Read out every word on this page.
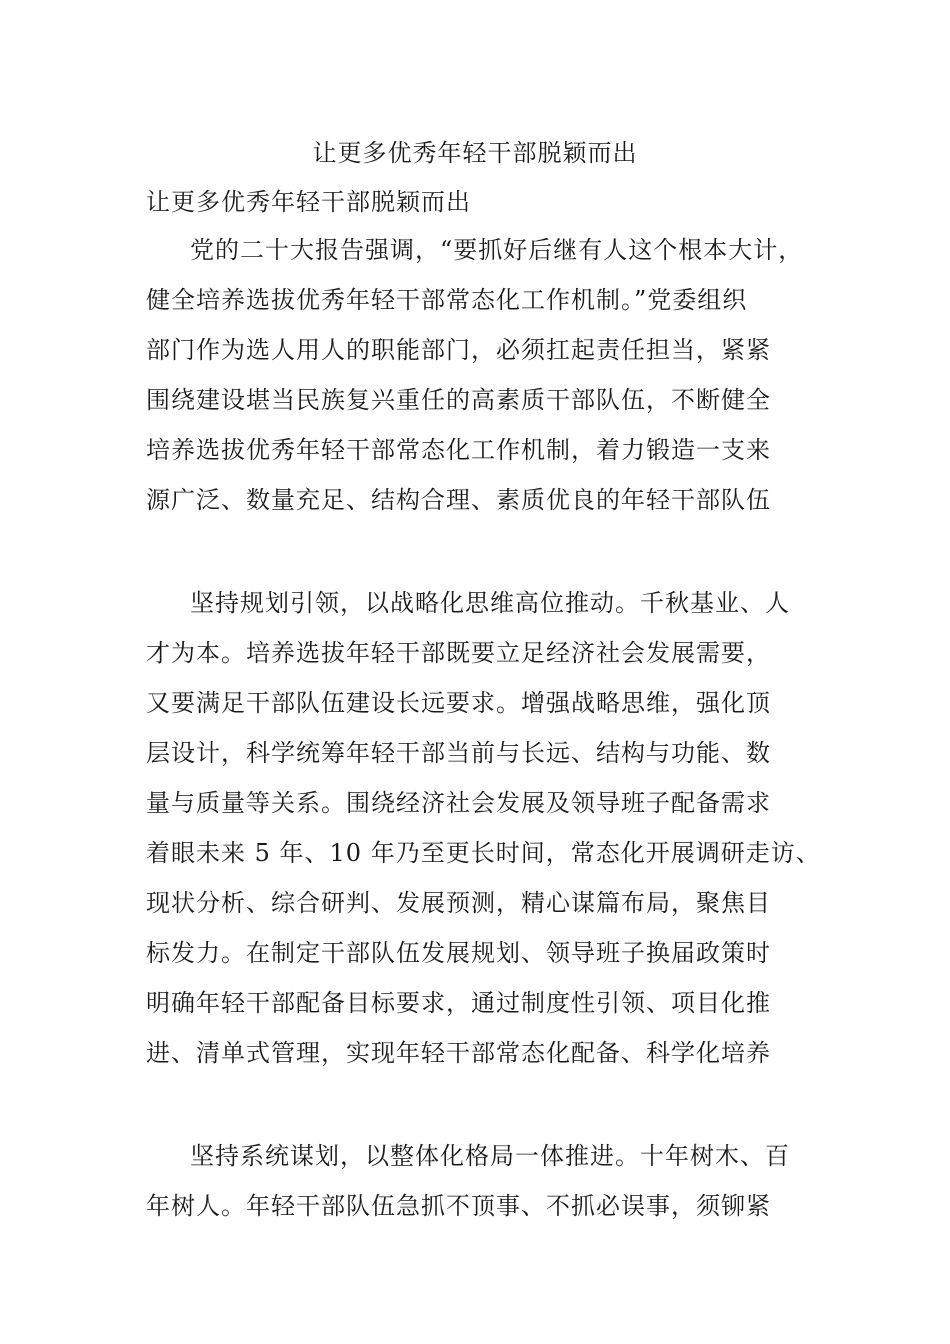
让更多优秀年轻干部脱颖而出
让更多优秀年轻干部脱颖而出
党的二十大报告强调，“要抓好后继有人这个根本大计，
健全培养选拔优秀年轻干部常态化工作机制。”党委组织
部门作为选人用人的职能部门，必须扛起责任担当，紧紧
围绕建设堪当民族复兴重任的高素质干部队伍，不断健全
培养选拔优秀年轻干部常态化工作机制，着力锻造一支来
源广泛、数量充足、结构合理、素质优良的年轻干部队伍
坚持规划引领，以战略化思维高位推动。千秋基业、人
才为本。培养选拔年轻干部既要立足经济社会发展需要，
又要满足干部队伍建设长远要求。增强战略思维，强化顶
层设计，科学统筹年轻干部当前与长远、结构与功能、数
量与质量等关系。围绕经济社会发展及领导班子配备需求
着眼未来 5 年、10 年乃至更长时间，常态化开展调研走访、
现状分析、综合研判、发展预测，精心谋篇布局，聚焦目
标发力。在制定干部队伍发展规划、领导班子换届政策时
明确年轻干部配备目标要求，通过制度性引领、项目化推
进、清单式管理，实现年轻干部常态化配备、科学化培养
坚持系统谋划，以整体化格局一体推进。十年树木、百
年树人。年轻干部队伍急抓不顶事、不抓必误事，须铆紧
